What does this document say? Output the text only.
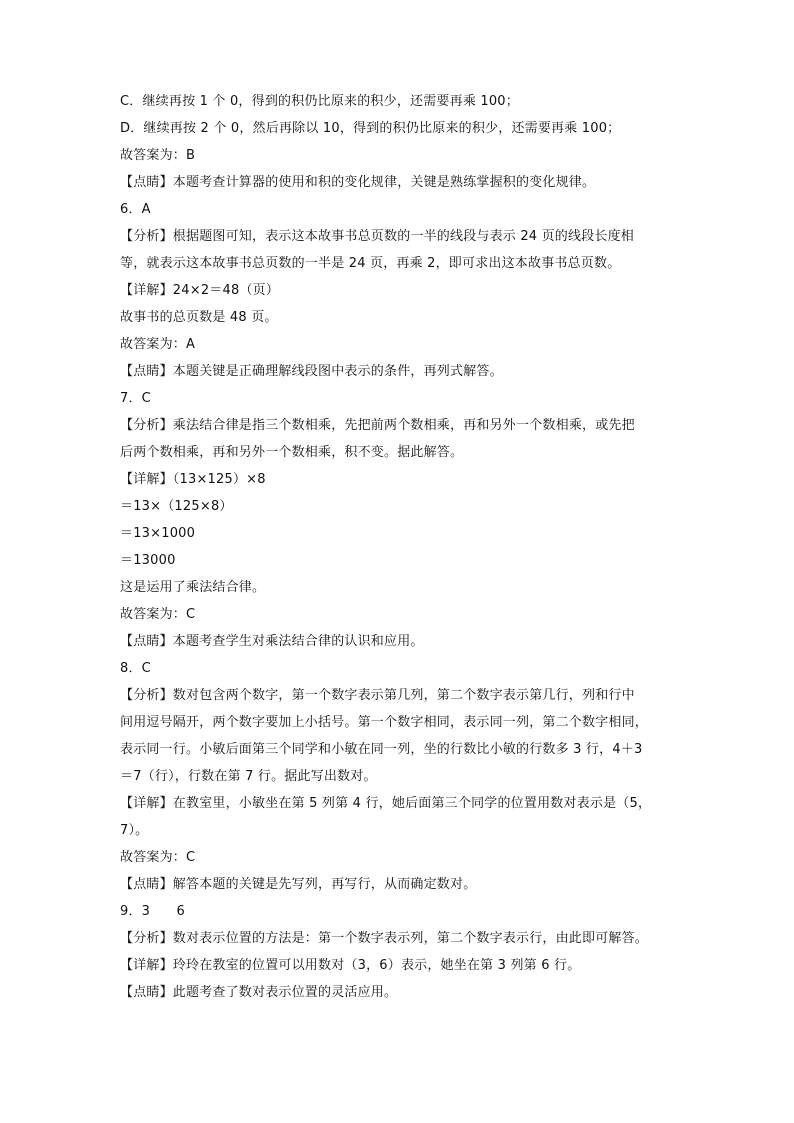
C．继续再按 1 个 0，得到的积仍比原来的积少，还需要再乘 100；

D．继续再按 2 个 0，然后再除以 10，得到的积仍比原来的积少，还需要再乘 100；

故答案为：B

【点睛】本题考查计算器的使用和积的变化规律，关键是熟练掌握积的变化规律。

6．A

【分析】根据题图可知，表示这本故事书总页数的一半的线段与表示 24 页的线段长度相

等，就表示这本故事书总页数的一半是 24 页，再乘 2，即可求出这本故事书总页数。

【详解】24×2＝48（页）

故事书的总页数是 48 页。

故答案为：A

【点睛】本题关键是正确理解线段图中表示的条件，再列式解答。

7．C

【分析】乘法结合律是指三个数相乘，先把前两个数相乘，再和另外一个数相乘，或先把

后两个数相乘，再和另外一个数相乘，积不变。据此解答。

【详解】（13×125）×8

＝13×（125×8）

＝13×1000

＝13000

这是运用了乘法结合律。

故答案为：C

【点睛】本题考查学生对乘法结合律的认识和应用。

8．C

【分析】数对包含两个数字，第一个数字表示第几列，第二个数字表示第几行，列和行中

间用逗号隔开，两个数字要加上小括号。第一个数字相同，表示同一列，第二个数字相同，

表示同一行。小敏后面第三个同学和小敏在同一列，坐的行数比小敏的行数多 3 行，4＋3

＝7（行），行数在第 7 行。据此写出数对。

【详解】在教室里，小敏坐在第 5 列第 4 行，她后面第三个同学的位置用数对表示是（5，

7）。

故答案为：C

【点睛】解答本题的关键是先写列，再写行，从而确定数对。

9．3　　6

【分析】数对表示位置的方法是：第一个数字表示列，第二个数字表示行，由此即可解答。

【详解】玲玲在教室的位置可以用数对（3，6）表示，她坐在第 3 列第 6 行。

【点睛】此题考查了数对表示位置的灵活应用。
